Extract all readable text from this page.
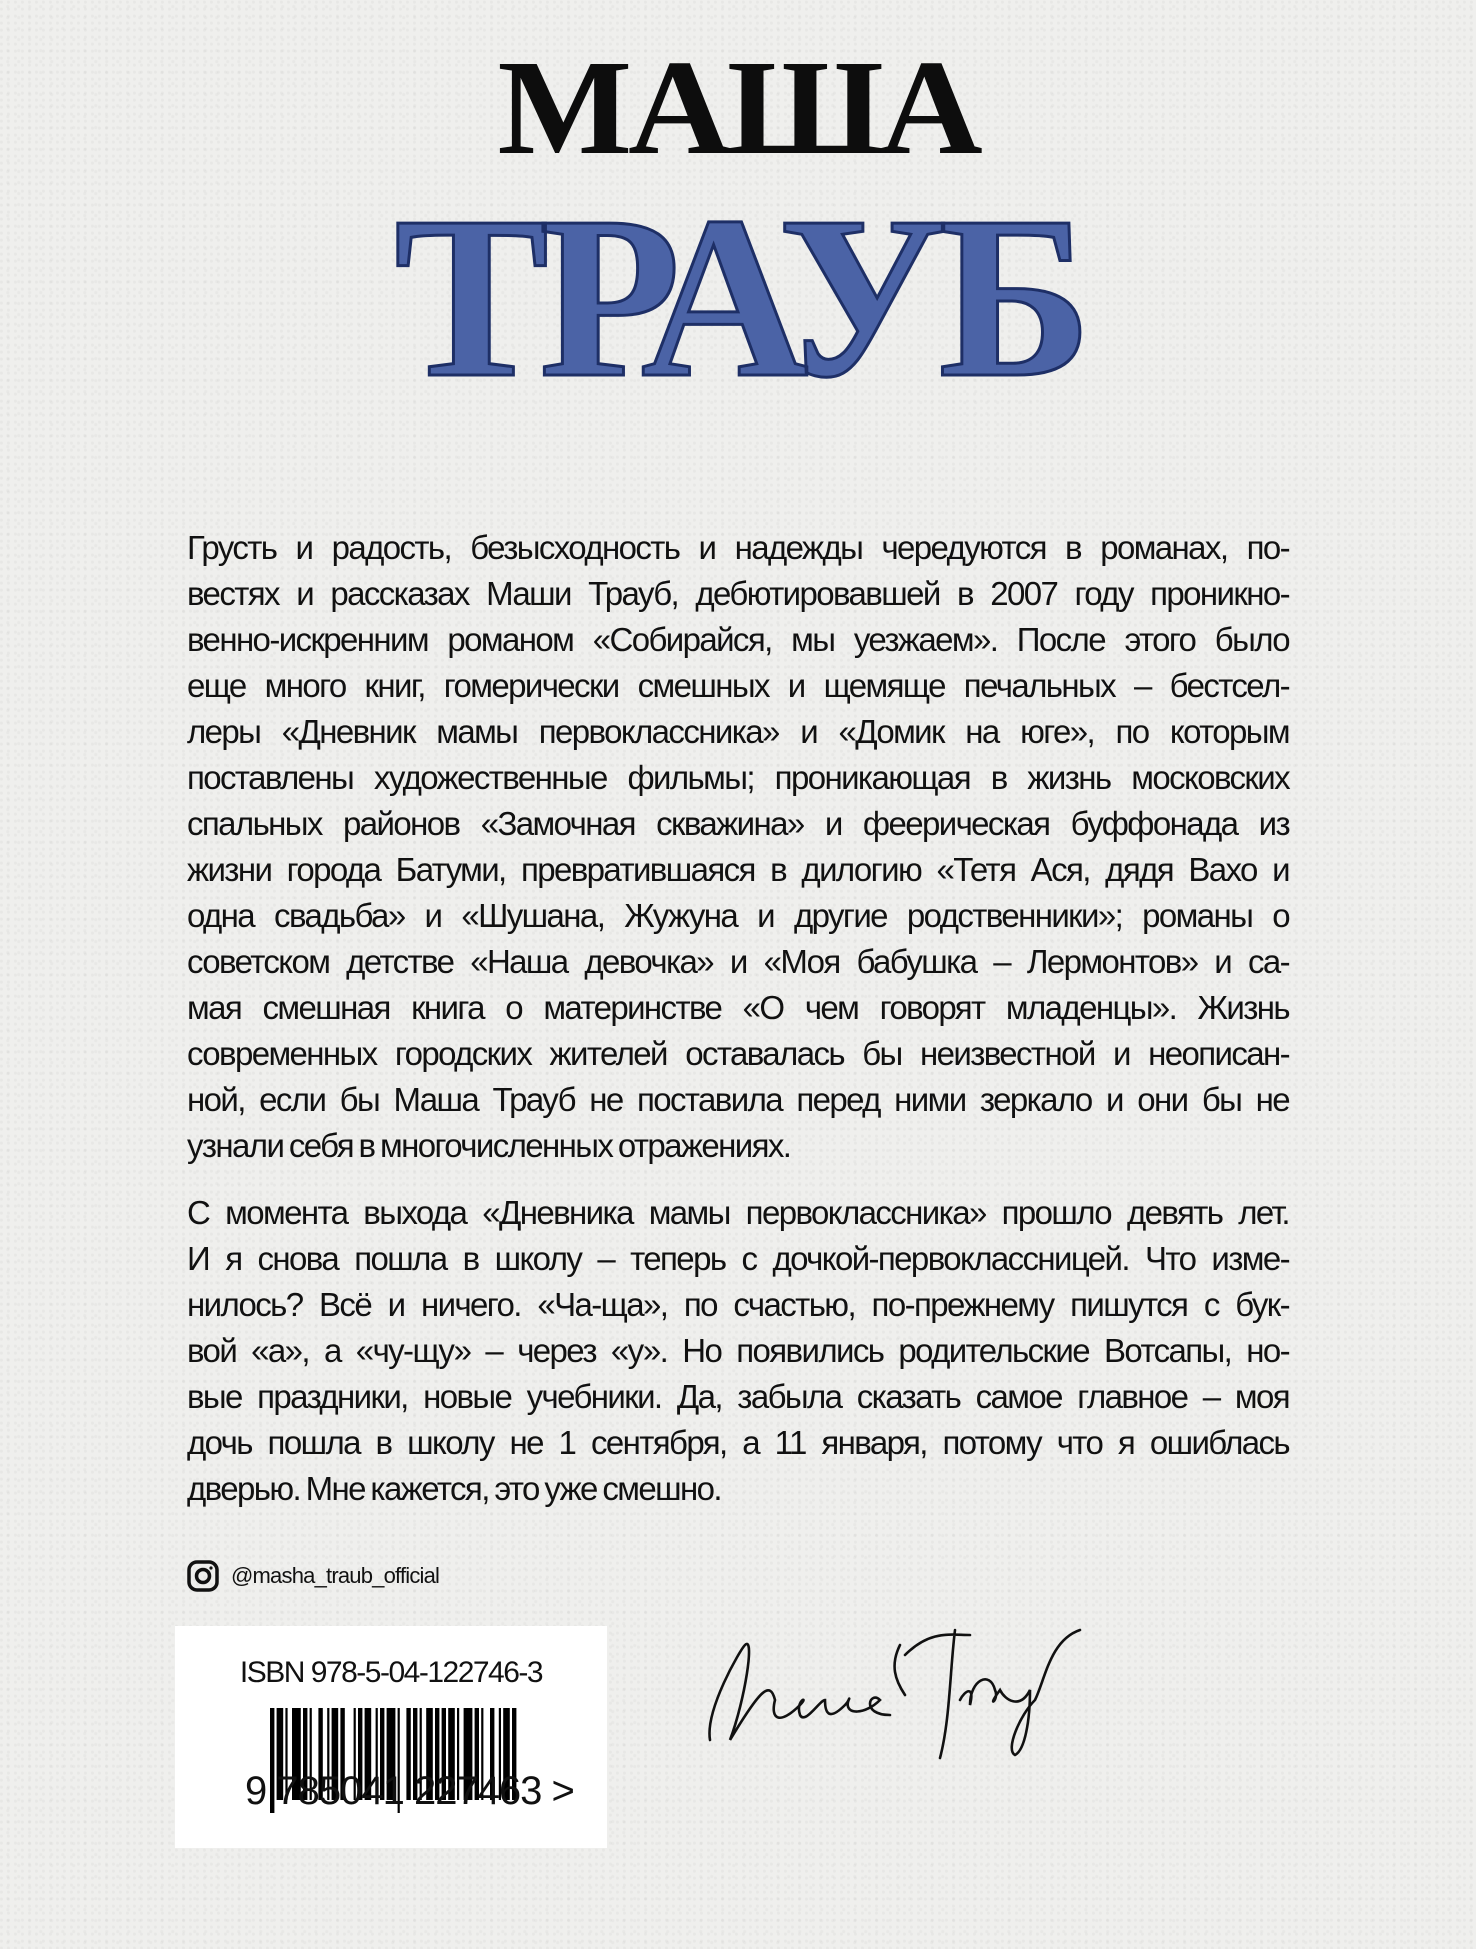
МАША
ТРАУБ
Грусть и радость, безысходность и надежды чередуются в романах, по-
вестях и рассказах Маши Трауб, дебютировавшей в 2007 году проникно-
венно-искренним романом «Собирайся, мы уезжаем». После этого было
еще много книг, гомерически смешных и щемяще печальных – бестсел-
леры «Дневник мамы первоклассника» и «Домик на юге», по которым
поставлены художественные фильмы; проникающая в жизнь московских
спальных районов «Замочная скважина» и феерическая буффонада из
жизни города Батуми, превратившаяся в дилогию «Тетя Ася, дядя Вахо и
одна свадьба» и «Шушана, Жужуна и другие родственники»; романы о
советском детстве «Наша девочка» и «Моя бабушка – Лермонтов» и са-
мая смешная книга о материнстве «О чем говорят младенцы». Жизнь
современных городских жителей оставалась бы неизвестной и неописан-
ной, если бы Маша Трауб не поставила перед ними зеркало и они бы не
узнали себя в многочисленных отражениях.
С момента выхода «Дневника мамы первоклассника» прошло девять лет.
И я снова пошла в школу – теперь с дочкой-первоклассницей. Что изме-
нилось? Всё и ничего. «Ча-ща», по счастью, по-прежнему пишутся с бук-
вой «а», а «чу-щу» – через «у». Но появились родительские Вотсапы, но-
вые праздники, новые учебники. Да, забыла сказать самое главное – моя
дочь пошла в школу не 1 сентября, а 11 января, потому что я ошиблась
дверью. Мне кажется, это уже смешно.
@masha_traub_official
ISBN 978-5-04-122746-3
9 785041 227463 >
